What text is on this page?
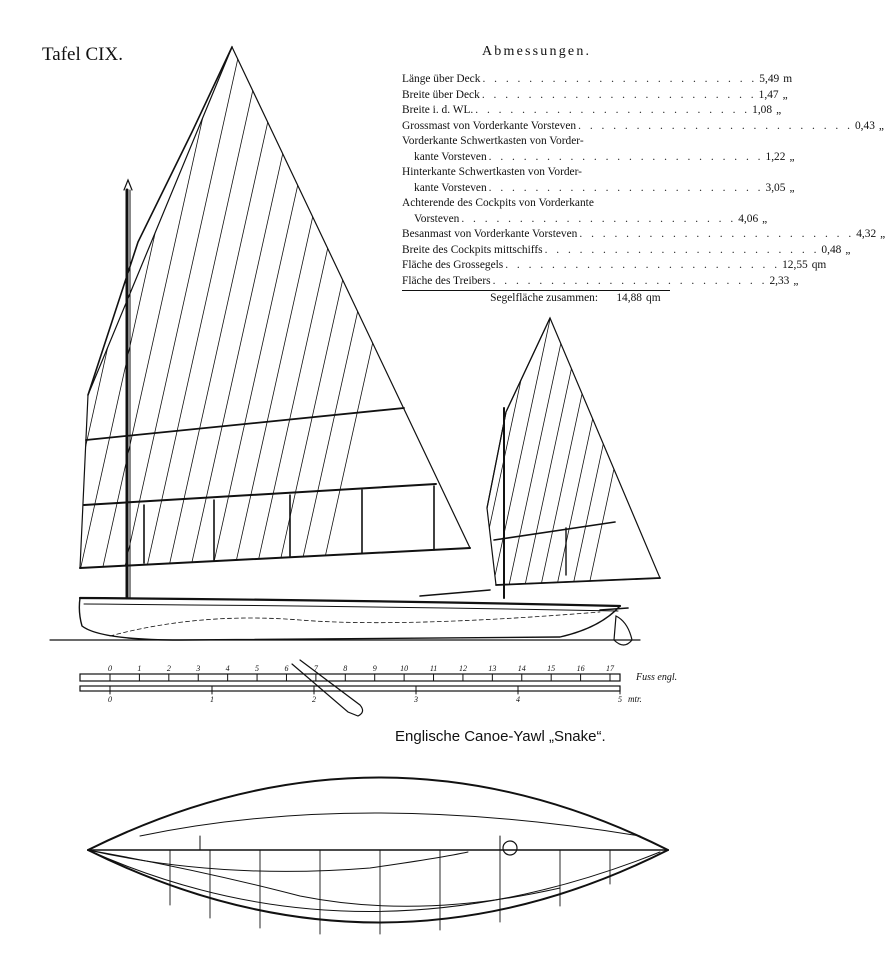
Tafel CIX.	Abmessungen.
Länge über Deck . . . . . . . . . . . . . . . . . . . . . . . . 5,49 m
Breite über Deck . . . . . . . . . . . . . . . . . . . . . . . . 1,47 „
Breite i. d. WL. . . . . . . . . . . . . . . . . . . . . . . . . 1,08 „
Grossmast von Vorderkante Vorsteven . . . . . . . . . . . . . . . . . . . . . . . . 0,43 „
Vorderkante Schwertkasten von Vorder-
kante Vorsteven . . . . . . . . . . . . . . . . . . . . . . . . 1,22 „
Hinterkante Schwertkasten von Vorder-
kante Vorsteven . . . . . . . . . . . . . . . . . . . . . . . . 3,05 „
Achterende des Cockpits von Vorderkante
Vorsteven . . . . . . . . . . . . . . . . . . . . . . . . 4,06 „
Besanmast von Vorderkante Vorsteven . . . . . . . . . . . . . . . . . . . . . . . . 4,32 „
Breite des Cockpits mittschiffs . . . . . . . . . . . . . . . . . . . . . . . . 0,48 „
Fläche des Grossegels . . . . . . . . . . . . . . . . . . . . . . . . 12,55 qm
Fläche des Treibers . . . . . . . . . . . . . . . . . . . . . . . . 2,33 „
Segelfläche zusammen:	14,88 qm
0	1	2	3	4	5	6	7	8	9	10	11	12	13	14	15	16	17
Fuss engl.
0	1	2	3	4	5 mtr.
Englische Canoe-Yawl „Snake“.
